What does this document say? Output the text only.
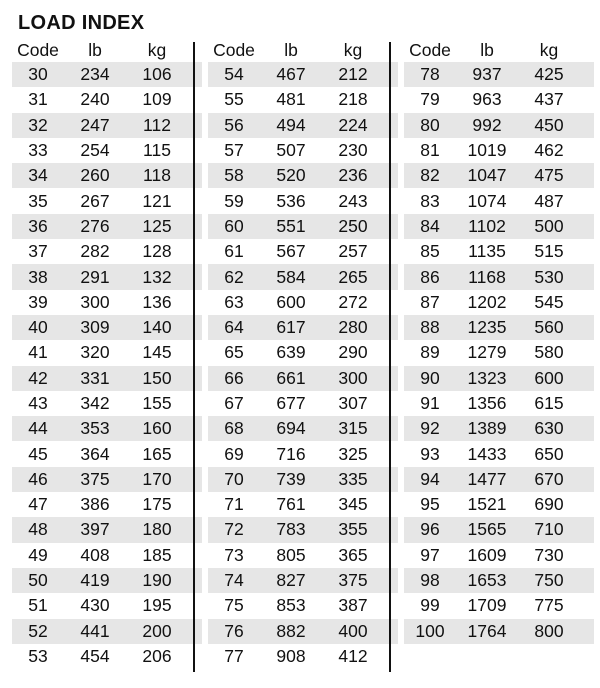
LOAD INDEX
Code	lb	kg
30	234	106
31	240	109
32	247	112
33	254	115
34	260	118
35	267	121
36	276	125
37	282	128
38	291	132
39	300	136
40	309	140
41	320	145
42	331	150
43	342	155
44	353	160
45	364	165
46	375	170
47	386	175
48	397	180
49	408	185
50	419	190
51	430	195
52	441	200
53	454	206
Code	lb	kg
54	467	212
55	481	218
56	494	224
57	507	230
58	520	236
59	536	243
60	551	250
61	567	257
62	584	265
63	600	272
64	617	280
65	639	290
66	661	300
67	677	307
68	694	315
69	716	325
70	739	335
71	761	345
72	783	355
73	805	365
74	827	375
75	853	387
76	882	400
77	908	412
Code	lb	kg
78	937	425
79	963	437
80	992	450
81	1019	462
82	1047	475
83	1074	487
84	1102	500
85	1135	515
86	1168	530
87	1202	545
88	1235	560
89	1279	580
90	1323	600
91	1356	615
92	1389	630
93	1433	650
94	1477	670
95	1521	690
96	1565	710
97	1609	730
98	1653	750
99	1709	775
100	1764	800
